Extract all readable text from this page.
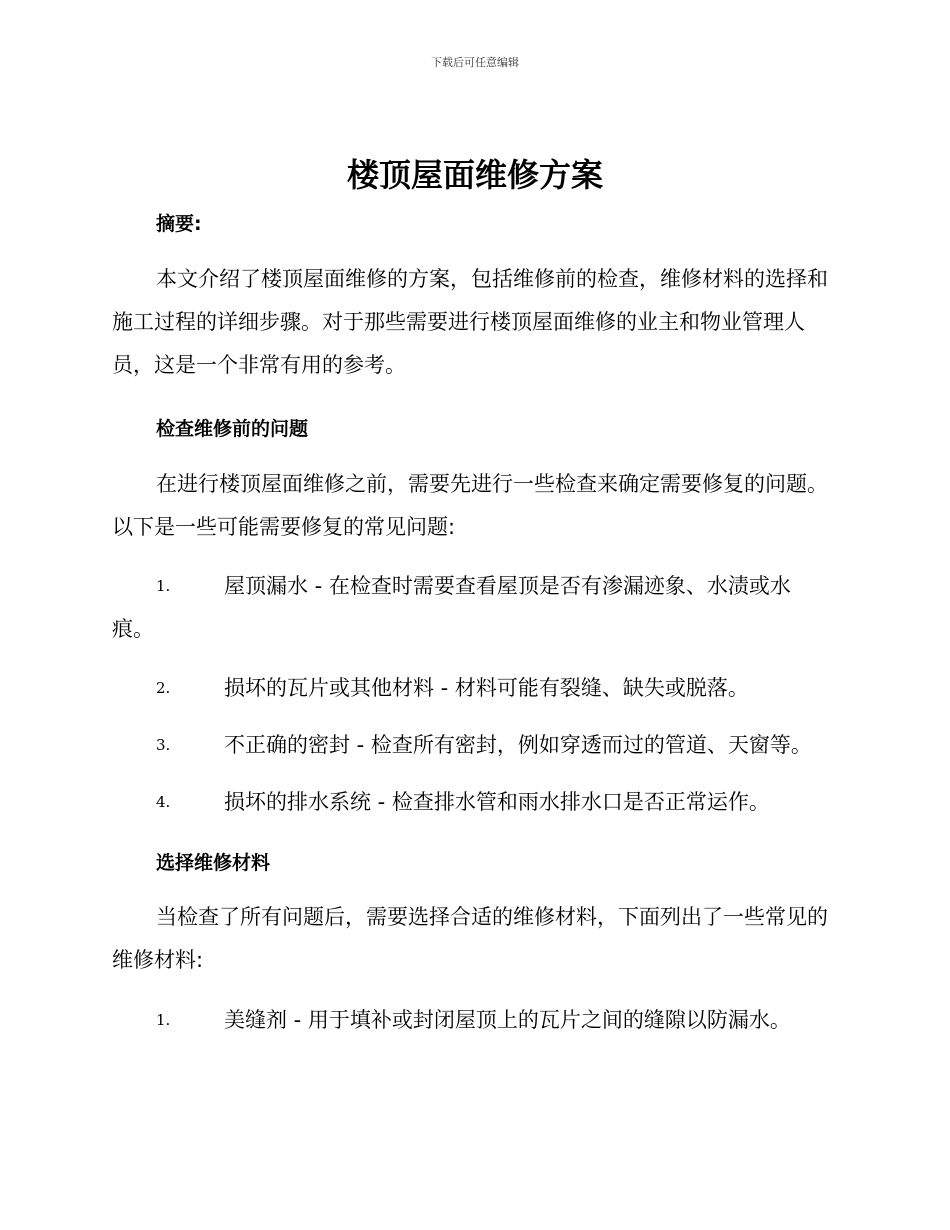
下载后可任意编辑
楼顶屋面维修方案
摘要:
本文介绍了楼顶屋面维修的方案，包括维修前的检查，维修材料的选择和施工过程的详细步骤。对于那些需要进行楼顶屋面维修的业主和物业管理人员，这是一个非常有用的参考。
检查维修前的问题
在进行楼顶屋面维修之前，需要先进行一些检查来确定需要修复的问题。以下是一些可能需要修复的常见问题:
1.	屋顶漏水 - 在检查时需要查看屋顶是否有渗漏迹象、水渍或水
痕。
2.	损坏的瓦片或其他材料 - 材料可能有裂缝、缺失或脱落。
3.	不正确的密封 - 检查所有密封，例如穿透而过的管道、天窗等。
4.	损坏的排水系统 - 检查排水管和雨水排水口是否正常运作。
选择维修材料
当检查了所有问题后，需要选择合适的维修材料，下面列出了一些常见的维修材料:
1.	美缝剂 - 用于填补或封闭屋顶上的瓦片之间的缝隙以防漏水。
